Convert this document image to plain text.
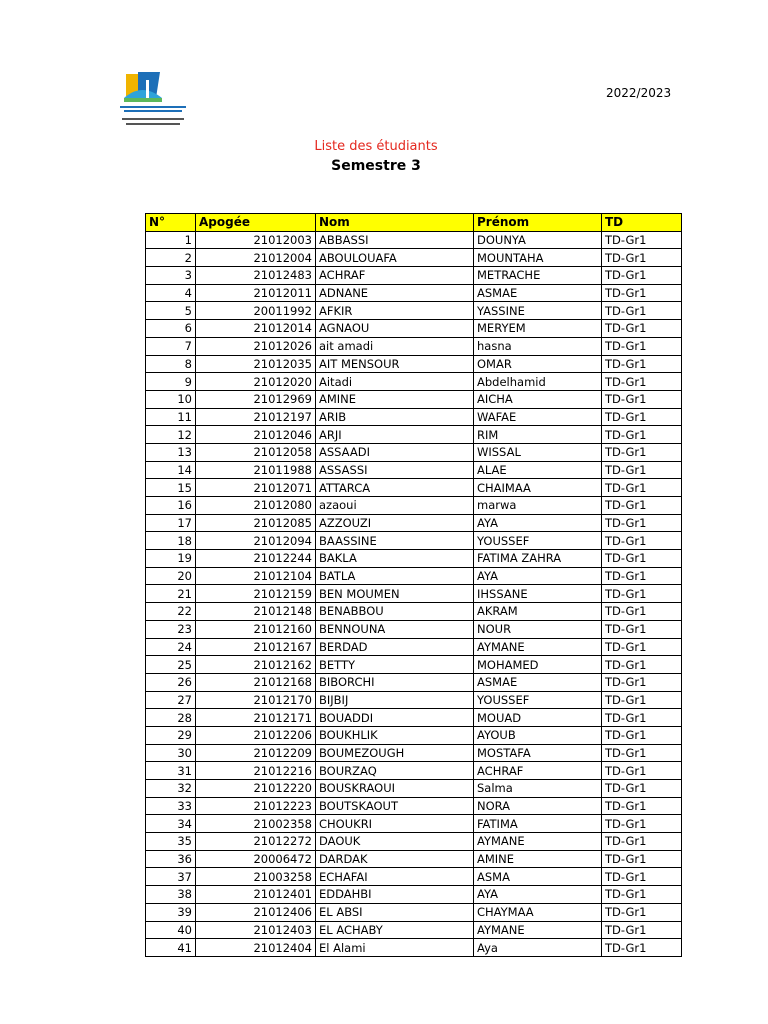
2022/2023
Liste des étudiants
Semestre 3
N°	Apogée	Nom	Prénom	TD
1	21012003	ABBASSI	DOUNYA	TD-Gr1
2	21012004	ABOULOUAFA	MOUNTAHA	TD-Gr1
3	21012483	ACHRAF	METRACHE	TD-Gr1
4	21012011	ADNANE	ASMAE	TD-Gr1
5	20011992	AFKIR	YASSINE	TD-Gr1
6	21012014	AGNAOU	MERYEM	TD-Gr1
7	21012026	ait amadi	hasna	TD-Gr1
8	21012035	AIT MENSOUR	OMAR	TD-Gr1
9	21012020	Aitadi	Abdelhamid	TD-Gr1
10	21012969	AMINE	AICHA	TD-Gr1
11	21012197	ARIB	WAFAE	TD-Gr1
12	21012046	ARJI	RIM	TD-Gr1
13	21012058	ASSAADI	WISSAL	TD-Gr1
14	21011988	ASSASSI	ALAE	TD-Gr1
15	21012071	ATTARCA	CHAIMAA	TD-Gr1
16	21012080	azaoui	marwa	TD-Gr1
17	21012085	AZZOUZI	AYA	TD-Gr1
18	21012094	BAASSINE	YOUSSEF	TD-Gr1
19	21012244	BAKLA	FATIMA ZAHRA	TD-Gr1
20	21012104	BATLA	AYA	TD-Gr1
21	21012159	BEN MOUMEN	IHSSANE	TD-Gr1
22	21012148	BENABBOU	AKRAM	TD-Gr1
23	21012160	BENNOUNA	NOUR	TD-Gr1
24	21012167	BERDAD	AYMANE	TD-Gr1
25	21012162	BETTY	MOHAMED	TD-Gr1
26	21012168	BIBORCHI	ASMAE	TD-Gr1
27	21012170	BIJBIJ	YOUSSEF	TD-Gr1
28	21012171	BOUADDI	MOUAD	TD-Gr1
29	21012206	BOUKHLIK	AYOUB	TD-Gr1
30	21012209	BOUMEZOUGH	MOSTAFA	TD-Gr1
31	21012216	BOURZAQ	ACHRAF	TD-Gr1
32	21012220	BOUSKRAOUI	Salma	TD-Gr1
33	21012223	BOUTSKAOUT	NORA	TD-Gr1
34	21002358	CHOUKRI	FATIMA	TD-Gr1
35	21012272	DAOUK	AYMANE	TD-Gr1
36	20006472	DARDAK	AMINE	TD-Gr1
37	21003258	ECHAFAI	ASMA	TD-Gr1
38	21012401	EDDAHBI	AYA	TD-Gr1
39	21012406	EL ABSI	CHAYMAA	TD-Gr1
40	21012403	EL ACHABY	AYMANE	TD-Gr1
41	21012404	El Alami	Aya	TD-Gr1
